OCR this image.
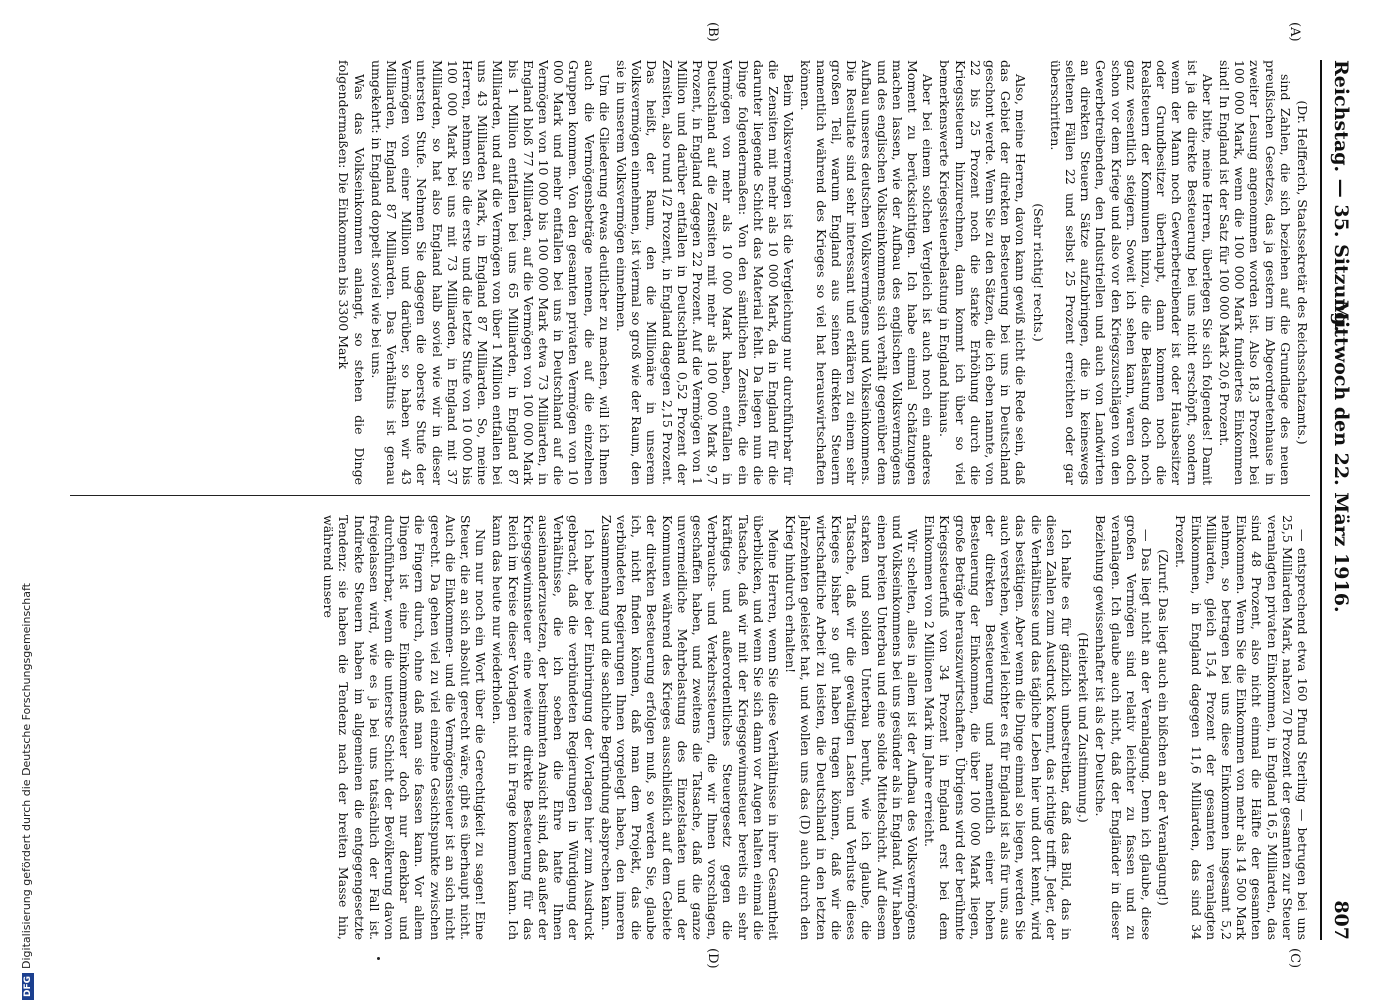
Reichstag. — 35. Sitzung.
Mittwoch den 22. März 1916.
807
(A)
(B)
(C)
(D)

(Dr. Helfferich, Staatssekretär des Reichsschatzamts.)

sind Zahlen, die sich beziehen auf die Grundlage des neuen preußischen Gesetzes, das ja gestern im Abgeordnetenhause in zweiter Lesung angenommen worden ist. Also 18,3 Prozent bei 100 000 Mark, wenn die 100 000 Mark fundiertes Einkommen sind! In England ist der Satz für 100 000 Mark 20,6 Prozent.

Aber bitte, meine Herren, überlegen Sie sich folgendes! Damit ist ja die direkte Besteuerung bei uns nicht erschöpft, sondern wenn der Mann noch Gewerbetreibender ist oder Hausbesitzer oder Grundbesitzer überhaupt, dann kommen noch die Realsteuern der Kommunen hinzu, die die Belastung doch noch ganz wesentlich steigern. Soweit ich sehen kann, waren doch schon vor dem Kriege und also vor den Kriegszuschlägen von den Gewerbetreibenden, den Industriellen und auch von Landwirten an direkten Steuern Sätze aufzubringen, die in keineswegs seltenen Fällen 22 und selbst 25 Prozent erreichten oder gar überschritten.

(Sehr richtig! rechts.)

Also, meine Herren, davon kann gewiß nicht die Rede sein, daß das Gebiet der direkten Besteuerung bei uns in Deutschland geschont werde. Wenn Sie zu den Sätzen, die ich eben nannte, von 22 bis 25 Prozent noch die starke Erhöhung durch die Kriegssteuern hinzurechnen, dann kommt ich über so viel bemerkenswerte Kriegssteuerbelastung in England hinaus.

Aber bei einem solchen Vergleich ist auch noch ein anderes Moment zu berücksichtigen. Ich habe einmal Schätzungen machen lassen, wie der Aufbau des englischen Volksvermögens und des englischen Volkseinkommens sich verhält gegenüber dem Aufbau unseres deutschen Volksvermögens und Volkseinkommens. Die Resultate sind sehr interessant und erklären zu einem sehr großen Teil, warum England aus seinen direkten Steuern namentlich während des Krieges so viel hat herauswirtschaften können.

Beim Volksvermögen ist die Vergleichung nur durchführbar für die Zensiten mit mehr als 10 000 Mark, da in England für die darunter liegende Schicht das Material fehlt. Da liegen nun die Dinge folgendermaßen: Von den sämtlichen Zensiten, die ein Vermögen von mehr als 10 000 Mark haben, entfallen in Deutschland auf die Zensiten mit mehr als 100 000 Mark 9,7 Prozent, in England dagegen 22 Prozent. Auf die Vermögen von 1 Million und darüber entfallen in Deutschland 0,52 Prozent der Zensiten, also rund 1/2 Prozent, in England dagegen 2,15 Prozent. Das heißt, der Raum, den die Millionäre in unserem Volksvermögen einnehmen, ist viermal so groß wie der Raum, den sie in unserem Volksvermögen einnehmen.

Um die Gliederung etwas deutlicher zu machen, will ich Ihnen auch die Vermögensbeträge nennen, die auf die einzelnen Gruppen kommen. Von den gesamten privaten Vermögen von 10 000 Mark und mehr entfallen bei uns in Deutschland auf die Vermögen von 10 000 bis 100 000 Mark etwa 73 Milliarden, in England bloß 77 Milliarden, auf die Vermögen von 100 000 Mark bis 1 Million entfallen bei uns 65 Milliarden, in England 87 Milliarden, und auf die Vermögen von über 1 Million entfallen bei uns 43 Milliarden Mark, in England 87 Milliarden. So, meine Herren, nehmen Sie die erste und die letzte Stufe von 10 000 bis 100 000 Mark bei uns mit 73 Milliarden, in England mit 37 Milliarden, so hat also England halb soviel wie wir in dieser untersten Stufe. Nehmen Sie dagegen die oberste Stufe der Vermögen von einer Million und darüber, so haben wir 43 Milliarden, England 87 Milliarden. Das Verhältnis ist genau umgekehrt: in England doppelt soviel wie bei uns.

Was das Volkseinkommen anlangt, so stehen die Dinge folgendermaßen: Die Einkommen bis 3300 Mark

— entsprechend etwa 160 Pfund Sterling — betrugen bei uns 25,5 Milliarden Mark, nahezu 70 Prozent der gesamten zur Steuer veranlagten privaten Einkommen, in England 16,5 Milliarden, das sind 48 Prozent, also nicht einmal die Hälfte der gesamten Einkommen. Wenn Sie die Einkommen von mehr als 14 500 Mark nehmen, so betragen bei uns diese Einkommen insgesamt 5,2 Milliarden, gleich 15,4 Prozent der gesamten veranlagten Einkommen, in England dagegen 11,6 Milliarden, das sind 34 Prozent.

(Zuruf: Das liegt auch ein bißchen an der Veranlagung!)

— Das liegt nicht an der Veranlagung. Denn ich glaube, diese großen Vermögen sind relativ leichter zu fassen und zu veranlagen. Ich glaube auch nicht, daß der Engländer in dieser Beziehung gewissenhafter ist als der Deutsche.

(Heiterkeit und Zustimmung.)

Ich halte es für gänzlich unbestreitbar, daß das Bild, das in diesen Zahlen zum Ausdruck kommt, das richtige trifft. Jeder, der die Verhältnisse und das tägliche Leben hier und dort kennt, wird das bestätigen. Aber wenn die Dinge einmal so liegen, werden Sie auch verstehen, wieviel leichter es für England ist als für uns, aus der direkten Besteuerung und namentlich einer hohen Besteuerung der Einkommen, die über 100 000 Mark liegen, große Beträge herauszuwirtschaften. Übrigens wird der berühmte Kriegssteuerfuß von 34 Prozent in England erst bei dem Einkommen von 2 Millionen Mark im Jahre erreicht.

Wir schelten, alles in allem ist der Aufbau des Volksvermögens und Volkseinkommens bei uns gesünder als in England. Wir haben einen breiten Unterbau und eine solide Mittelschicht. Auf diesem starken und soliden Unterbau beruht, wie ich glaube, die Tatsache, daß wir die gewaltigen Lasten und Verluste dieses Krieges bisher so gut haben tragen können, daß wir die wirtschaftliche Arbeit zu leisten, die Deutschland in den letzten Jahrzehnten geleistet hat, und wollen uns das (D) auch durch den Krieg hindurch erhalten!

Meine Herren, wenn Sie diese Verhältnisse in ihrer Gesamtheit überblicken, und wenn Sie sich dann vor Augen halten einmal die Tatsache, daß wir mit der Kriegsgewinnsteuer bereits ein sehr kräftiges und außerordentliches Steuergesetz gegen die Verbrauchs- und Verkehrssteuern, die wir Ihnen vorschlagen, geschaffen haben, und zweitens die Tatsache, daß die ganze unvermeidliche Mehrbelastung des Einzelstaaten und der Kommunen während des Krieges ausschließlich auf dem Gebiete der direkten Besteuerung erfolgen muß, so werden Sie, glaube ich, nicht finden können, daß man dem Projekt, das die verbündeten Regierungen Ihnen vorgelegt haben, den inneren Zusammenhang und die sachliche Begründung absprechen kann.

Ich habe bei der Einbringung der Vorlagen hier zum Ausdruck gebracht, daß die verbündeten Regierungen in Würdigung der Verhältnisse, die ich soeben die Ehre hatte Ihnen auseinanderzusetzen, der bestimmten Ansicht sind, daß außer der Kriegsgewinnsteuer eine weitere direkte Besteuerung für das Reich im Kreise dieser Vorlagen nicht in Frage kommen kann. Ich kann das heute nur wiederholen.

Nun nur noch ein Wort über die Gerechtigkeit zu sagen! Eine Steuer, die an sich absolut gerecht wäre, gibt es überhaupt nicht. Auch die Einkommen- und die Vermögenssteuer ist an sich nicht gerecht. Da gehen viel zu viel einzelne Gesichtspunkte zwischen die Fingern durch, ohne daß man sie fassen kann. Vor allem Dingen ist eine Einkommensteuer doch nur denkbar und durchführbar, wenn die unterste Schicht der Bevölkerung davon freigelassen wird, wie es ja bei uns tatsächlich der Fall ist. Indirekte Steuern haben im allgemeinen die entgegengesetzte Tendenz: sie haben die Tendenz nach der breiten Masse hin, während unsere

DFGDigitalisierung gefördert durch die Deutsche Forschungsgemeinschaft
